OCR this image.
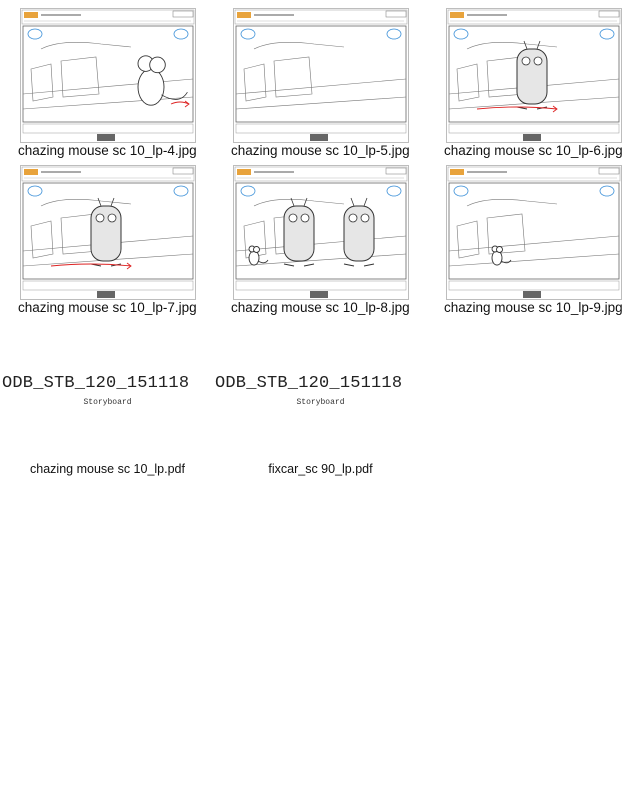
chazing mouse sc 10_lp-4.jpg	chazing mouse sc 10_lp-5.jpg	chazing mouse sc 10_lp-6.jpg
chazing mouse sc 10_lp-7.jpg	chazing mouse sc 10_lp-8.jpg	chazing mouse sc 10_lp-9.jpg
ODB_STB_120_151118
Storyboard
chazing mouse sc 10_lp.pdf
ODB_STB_120_151118
Storyboard
fixcar_sc 90_lp.pdf
